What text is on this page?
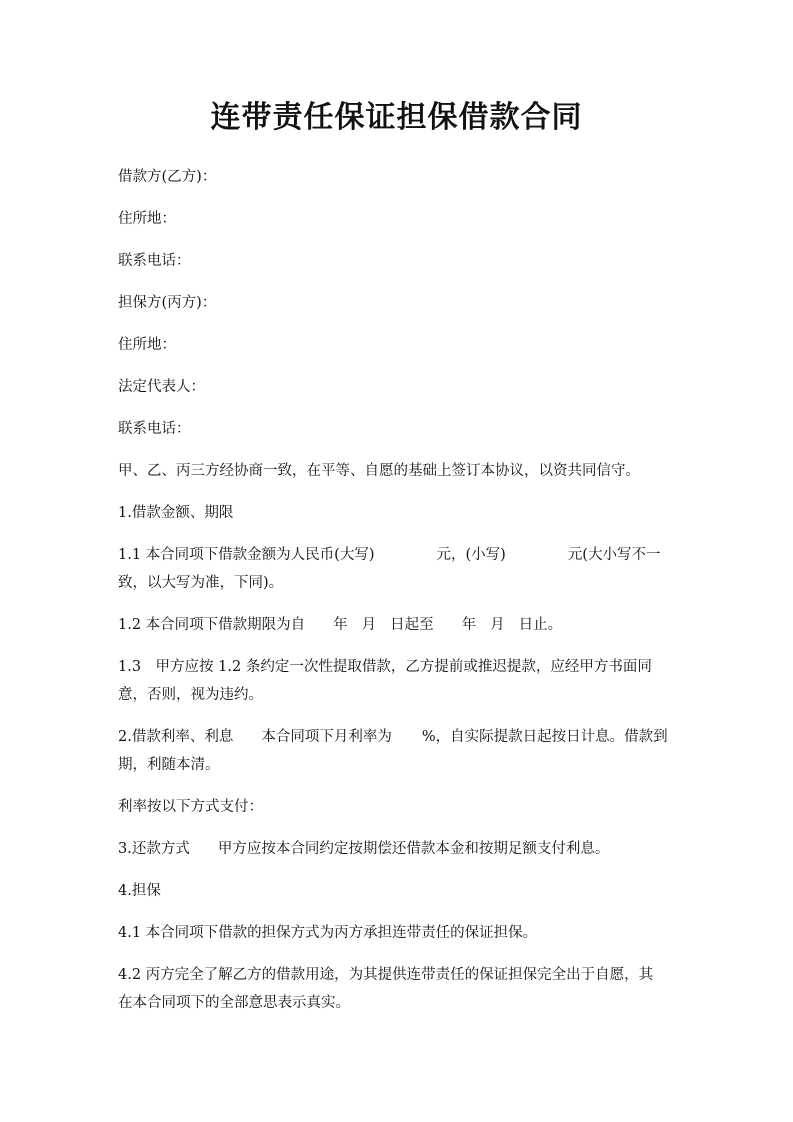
连带责任保证担保借款合同

借款方(乙方)：

住所地：

联系电话：

担保方(丙方)：

住所地：

法定代表人：

联系电话：

甲、乙、丙三方经协商一致，在平等、自愿的基础上签订本协议，以资共同信守。

1.借款金额、期限

1.1 本合同项下借款金额为人民币(大写)	元，(小写)	元(大小写不一

致，以大写为准，下同)。

1.2 本合同项下借款期限为自 年 月 日起至 年 月 日止。

1.3　甲方应按 1.2 条约定一次性提取借款，乙方提前或推迟提款，应经甲方书面同

意，否则，视为违约。

2.借款利率、利息 本合同项下月利率为 %，自实际提款日起按日计息。借款到

期，利随本清。

利率按以下方式支付：

3.还款方式 甲方应按本合同约定按期偿还借款本金和按期足额支付利息。

4.担保

4.1 本合同项下借款的担保方式为丙方承担连带责任的保证担保。

4.2 丙方完全了解乙方的借款用途，为其提供连带责任的保证担保完全出于自愿，其

在本合同项下的全部意思表示真实。
